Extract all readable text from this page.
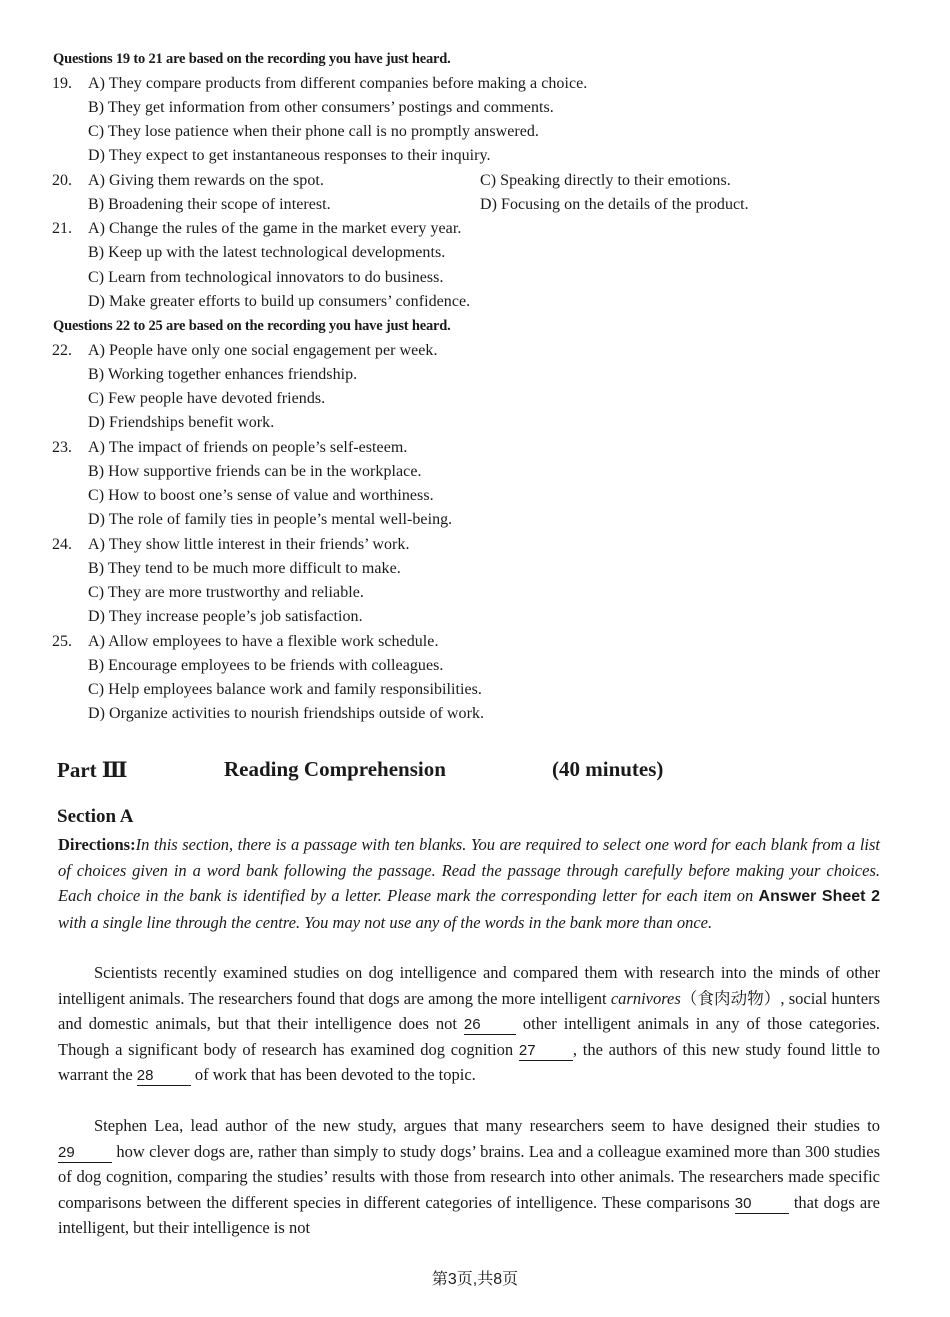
Questions 19 to 21 are based on the recording you have just heard.
19. A) They compare products from different companies before making a choice.
B) They get information from other consumers’ postings and comments.
C) They lose patience when their phone call is no promptly answered.
D) They expect to get instantaneous responses to their inquiry.
20. A) Giving them rewards on the spot.
B) Broadening their scope of interest.
C) Speaking directly to their emotions.
D) Focusing on the details of the product.
21. A) Change the rules of the game in the market every year.
B) Keep up with the latest technological developments.
C) Learn from technological innovators to do business.
D) Make greater efforts to build up consumers’ confidence.
Questions 22 to 25 are based on the recording you have just heard.
22. A) People have only one social engagement per week.
B) Working together enhances friendship.
C) Few people have devoted friends.
D) Friendships benefit work.
23. A) The impact of friends on people’s self-esteem.
B) How supportive friends can be in the workplace.
C) How to boost one’s sense of value and worthiness.
D) The role of family ties in people’s mental well-being.
24. A) They show little interest in their friends’ work.
B) They tend to be much more difficult to make.
C) They are more trustworthy and reliable.
D) They increase people’s job satisfaction.
25. A) Allow employees to have a flexible work schedule.
B) Encourage employees to be friends with colleagues.
C) Help employees balance work and family responsibilities.
D) Organize activities to nourish friendships outside of work.
Part Ⅲ	Reading Comprehension	(40 minutes)
Section A
Directions:In this section, there is a passage with ten blanks. You are required to select one word for each blank from a list of choices given in a word bank following the passage. Read the passage through carefully before making your choices. Each choice in the bank is identified by a letter. Please mark the corresponding letter for each item on Answer Sheet 2 with a single line through the centre. You may not use any of the words in the bank more than once.
Scientists recently examined studies on dog intelligence and compared them with research into the minds of other intelligent animals. The researchers found that dogs are among the more intelligent carnivores（食肉动物）, social hunters and domestic animals, but that their intelligence does not 26 other intelligent animals in any of those categories. Though a significant body of research has examined dog cognition 27 , the authors of this new study found little to warrant the 28 of work that has been devoted to the topic.
Stephen Lea, lead author of the new study, argues that many researchers seem to have designed their studies to 29 how clever dogs are, rather than simply to study dogs’ brains. Lea and a colleague examined more than 300 studies of dog cognition, comparing the studies’ results with those from research into other animals. The researchers made specific comparisons between the different species in different categories of intelligence. These comparisons 30 that dogs are intelligent, but their intelligence is not
第3页,共8页
